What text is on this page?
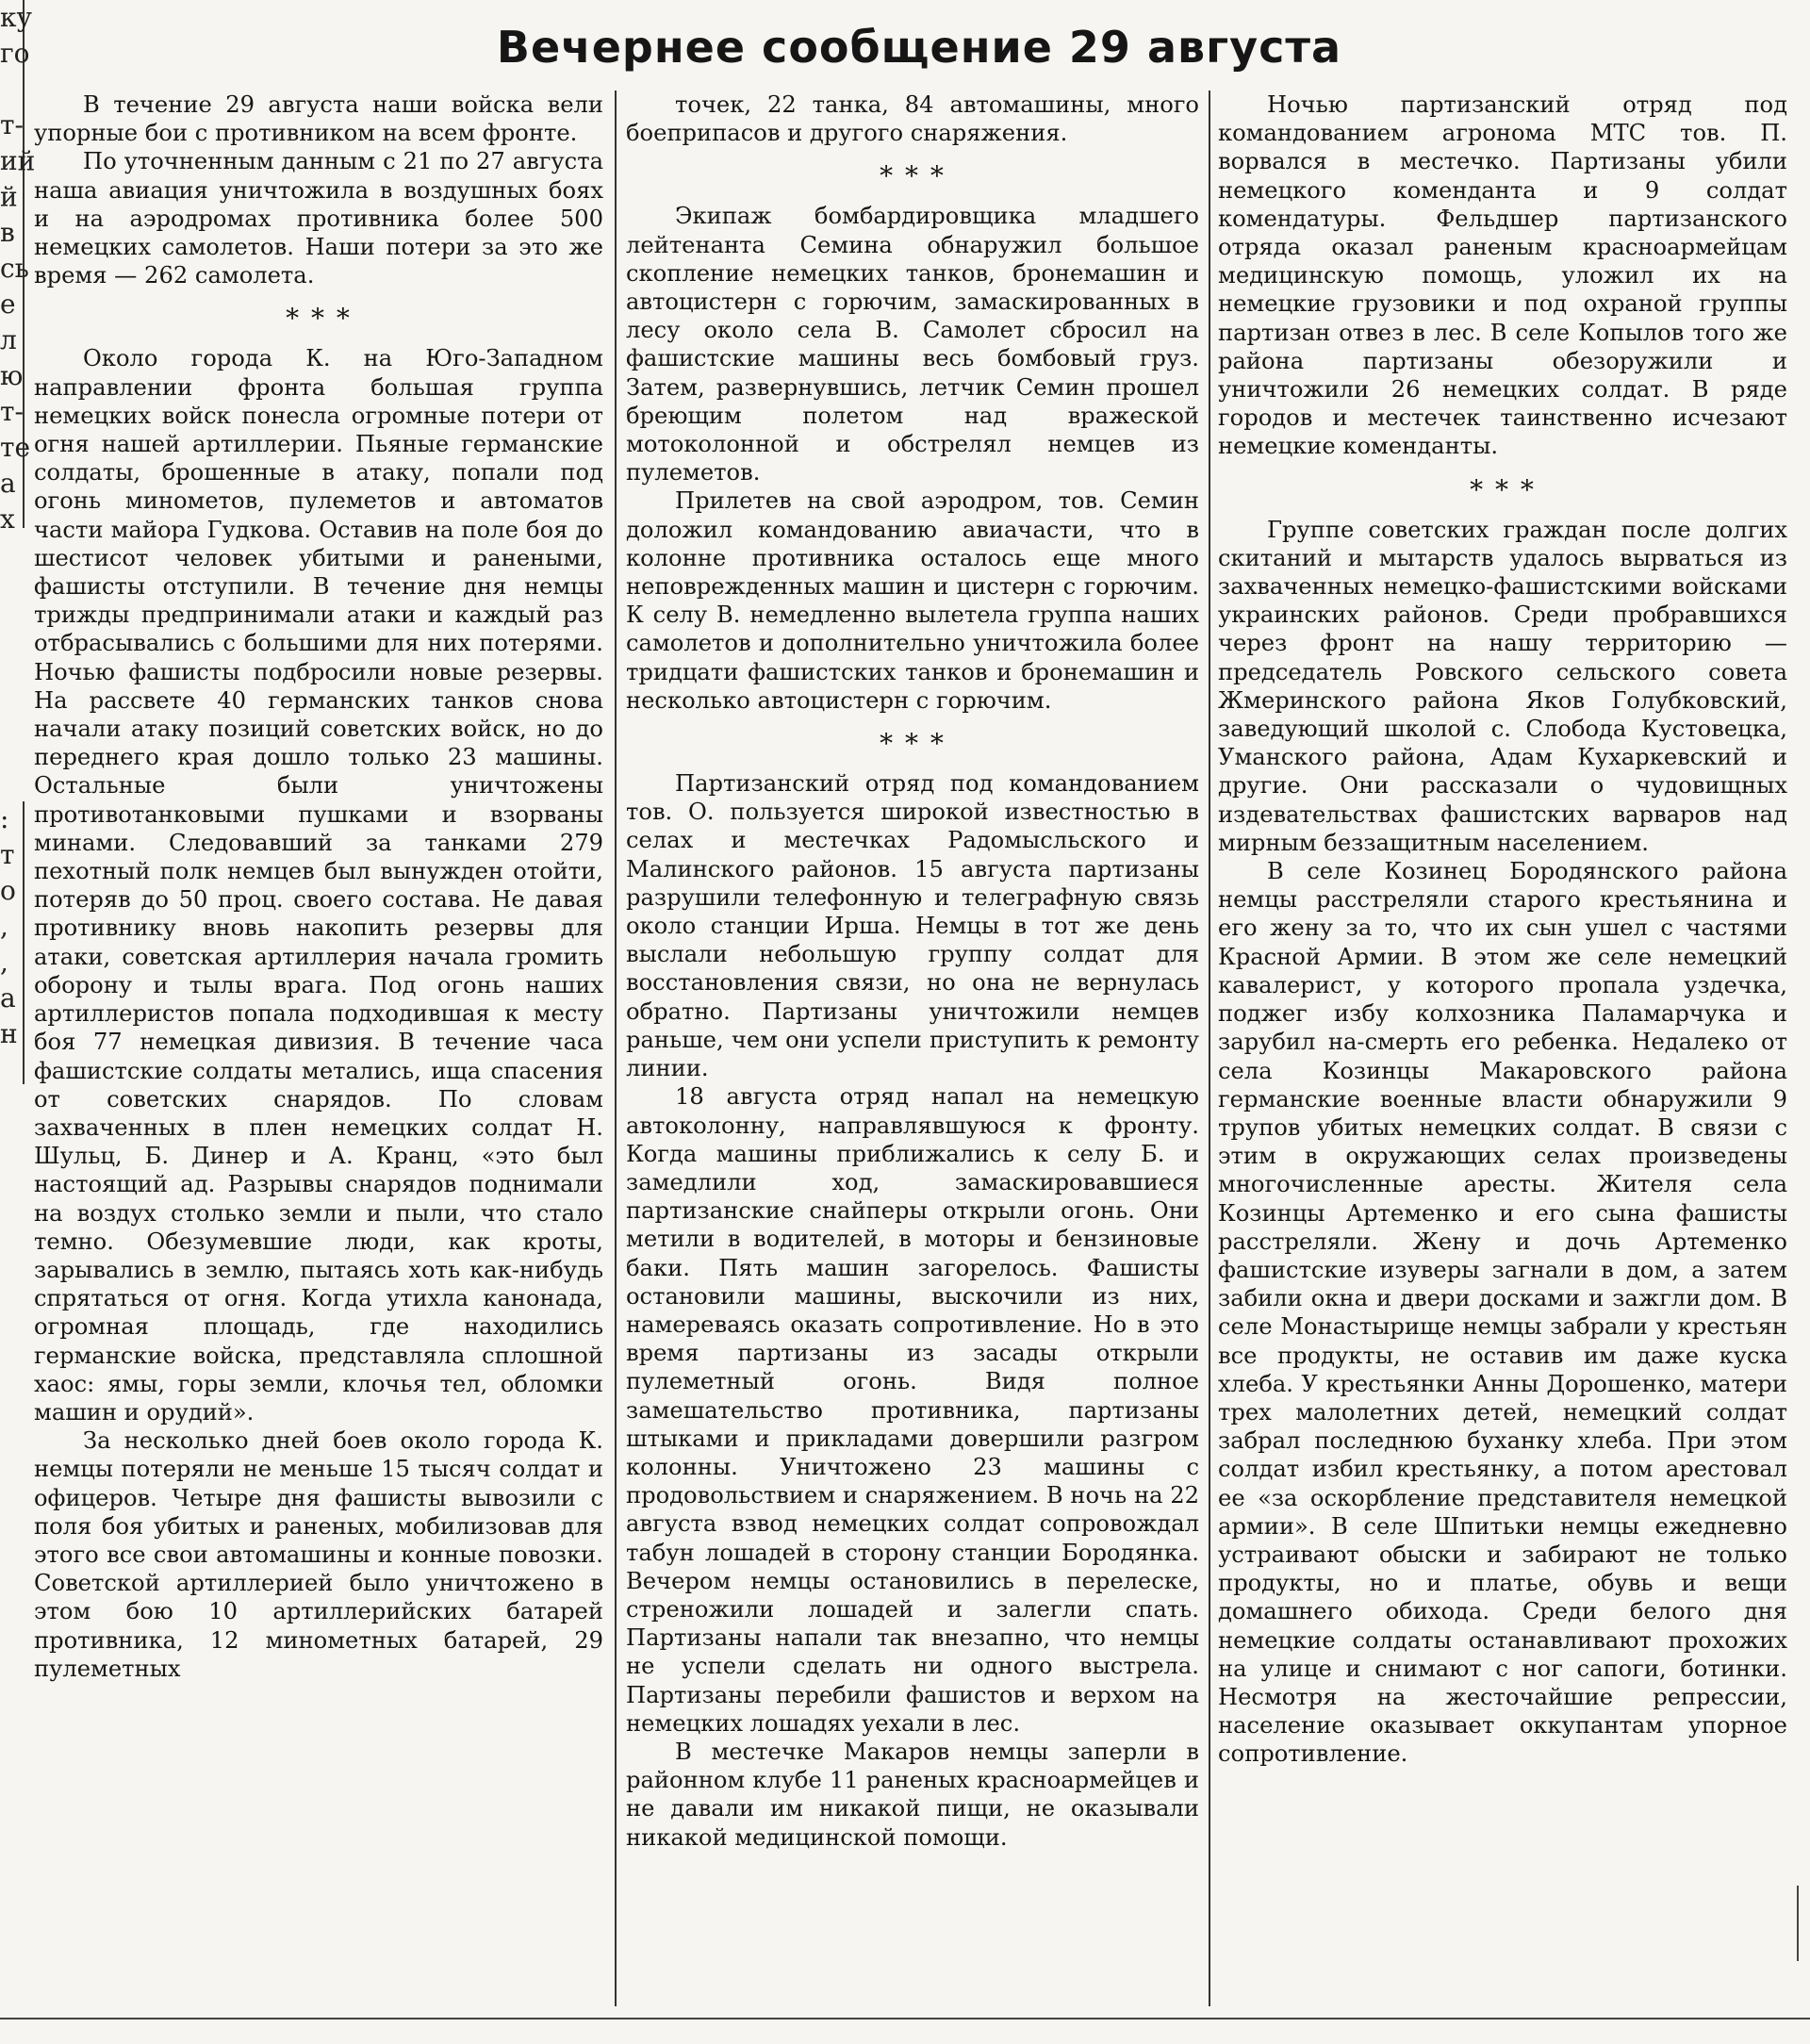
ку
го

т-
ий
й
в
сь
е
л
ю
т-
те
а
х
:
т
о
,
,
а
н
Вечернее сообщение 29 августа

В течение 29 августа наши войска вели упорные бои с противником на всем фронте.

По уточненным данным с 21 по 27 августа наша авиация уничтожила в воздушных боях и на аэродромах противника более 500 немецких самолетов. Наши потери за это же время — 262 самолета.

* * *

Около города К. на Юго-Западном направлении фронта большая группа немецких войск понесла огромные потери от огня нашей артиллерии. Пьяные германские солдаты, брошенные в атаку, попали под огонь минометов, пулеметов и автоматов части майора Гудкова. Оставив на поле боя до шестисот человек убитыми и ранеными, фашисты отступили. В течение дня немцы трижды предпринимали атаки и каждый раз отбрасывались с большими для них потерями. Ночью фашисты подбросили новые резервы. На рассвете 40 германских танков снова начали атаку позиций советских войск, но до переднего края дошло только 23 машины. Остальные были уничтожены противотанковыми пушками и взорваны минами. Следовавший за танками 279 пехотный полк немцев был вынужден отойти, потеряв до 50 проц. своего состава. Не давая противнику вновь накопить резервы для атаки, советская артиллерия начала громить оборону и тылы врага. Под огонь наших артиллеристов попала подходившая к месту боя 77 немецкая дивизия. В течение часа фашистские солдаты метались, ища спасения от советских снарядов. По словам захваченных в плен немецких солдат Н. Шульц, Б. Динер и А. Кранц, «это был настоящий ад. Разрывы снарядов поднимали на воздух столько земли и пыли, что стало темно. Обезумевшие люди, как кроты, зарывались в землю, пытаясь хоть как-нибудь спрятаться от огня. Когда утихла канонада, огромная площадь, где находились германские войска, представляла сплошной хаос: ямы, горы земли, клочья тел, обломки машин и орудий».

За несколько дней боев около города К. немцы потеряли не меньше 15 тысяч солдат и офицеров. Четыре дня фашисты вывозили с поля боя убитых и раненых, мобилизовав для этого все свои автомашины и конные повозки. Советской артиллерией было уничтожено в этом бою 10 артиллерийских батарей противника, 12 минометных батарей, 29 пулеметных

точек, 22 танка, 84 автомашины, много боеприпасов и другого снаряжения.

* * *

Экипаж бомбардировщика младшего лейтенанта Семина обнаружил большое скопление немецких танков, бронемашин и автоцистерн с горючим, замаскированных в лесу около села В. Самолет сбросил на фашистские машины весь бомбовый груз. Затем, развернувшись, летчик Семин прошел бреющим полетом над вражеской мотоколонной и обстрелял немцев из пулеметов.

Прилетев на свой аэродром, тов. Семин доложил командованию авиачасти, что в колонне противника осталось еще много неповрежденных машин и цистерн с горючим. К селу В. немедленно вылетела группа наших самолетов и дополнительно уничтожила более тридцати фашистских танков и бронемашин и несколько автоцистерн с горючим.

* * *

Партизанский отряд под командованием тов. О. пользуется широкой известностью в селах и местечках Радомысльского и Малинского районов. 15 августа партизаны разрушили телефонную и телеграфную связь около станции Ирша. Немцы в тот же день выслали небольшую группу солдат для восстановления связи, но она не вернулась обратно. Партизаны уничтожили немцев раньше, чем они успели приступить к ремонту линии.

18 августа отряд напал на немецкую автоколонну, направлявшуюся к фронту. Когда машины приближались к селу Б. и замедлили ход, замаскировавшиеся партизанские снайперы открыли огонь. Они метили в водителей, в моторы и бензиновые баки. Пять машин загорелось. Фашисты остановили машины, выскочили из них, намереваясь оказать сопротивление. Но в это время партизаны из засады открыли пулеметный огонь. Видя полное замешательство противника, партизаны штыками и прикладами довершили разгром колонны. Уничтожено 23 машины с продовольствием и снаряжением. В ночь на 22 августа взвод немецких солдат сопровождал табун лошадей в сторону станции Бородянка. Вечером немцы остановились в перелеске, стреножили лошадей и залегли спать. Партизаны напали так внезапно, что немцы не успели сделать ни одного выстрела. Партизаны перебили фашистов и верхом на немецких лошадях уехали в лес.

В местечке Макаров немцы заперли в районном клубе 11 раненых красноармейцев и не давали им никакой пищи, не оказывали никакой медицинской помощи.

Ночью партизанский отряд под командованием агронома МТС тов. П. ворвался в местечко. Партизаны убили немецкого коменданта и 9 солдат комендатуры. Фельдшер партизанского отряда оказал раненым красноармейцам медицинскую помощь, уложил их на немецкие грузовики и под охраной группы партизан отвез в лес. В селе Копылов того же района партизаны обезоружили и уничтожили 26 немецких солдат. В ряде городов и местечек таинственно исчезают немецкие коменданты.

* * *

Группе советских граждан после долгих скитаний и мытарств удалось вырваться из захваченных немецко-фашистскими войсками украинских районов. Среди пробравшихся через фронт на нашу территорию — председатель Ровского сельского совета Жмеринского района Яков Голубковский, заведующий школой с. Слобода Кустовецка, Уманского района, Адам Кухаркевский и другие. Они рассказали о чудовищных издевательствах фашистских варваров над мирным беззащитным населением.

В селе Козинец Бородянского района немцы расстреляли старого крестьянина и его жену за то, что их сын ушел с частями Красной Армии. В этом же селе немецкий кавалерист, у которого пропала уздечка, поджег избу колхозника Паламарчука и зарубил на-смерть его ребенка. Недалеко от села Козинцы Макаровского района германские военные власти обнаружили 9 трупов убитых немецких солдат. В связи с этим в окружающих селах произведены многочисленные аресты. Жителя села Козинцы Артеменко и его сына фашисты расстреляли. Жену и дочь Артеменко фашистские изуверы загнали в дом, а затем забили окна и двери досками и зажгли дом. В селе Монастырище немцы забрали у крестьян все продукты, не оставив им даже куска хлеба. У крестьянки Анны Дорошенко, матери трех малолетних детей, немецкий солдат забрал последнюю буханку хлеба. При этом солдат избил крестьянку, а потом арестовал ее «за оскорбление представителя немецкой армии». В селе Шпитьки немцы ежедневно устраивают обыски и забирают не только продукты, но и платье, обувь и вещи домашнего обихода. Среди белого дня немецкие солдаты останавливают прохожих на улице и снимают с ног сапоги, ботинки. Несмотря на жесточайшие репрессии, население оказывает оккупантам упорное сопротивление.
